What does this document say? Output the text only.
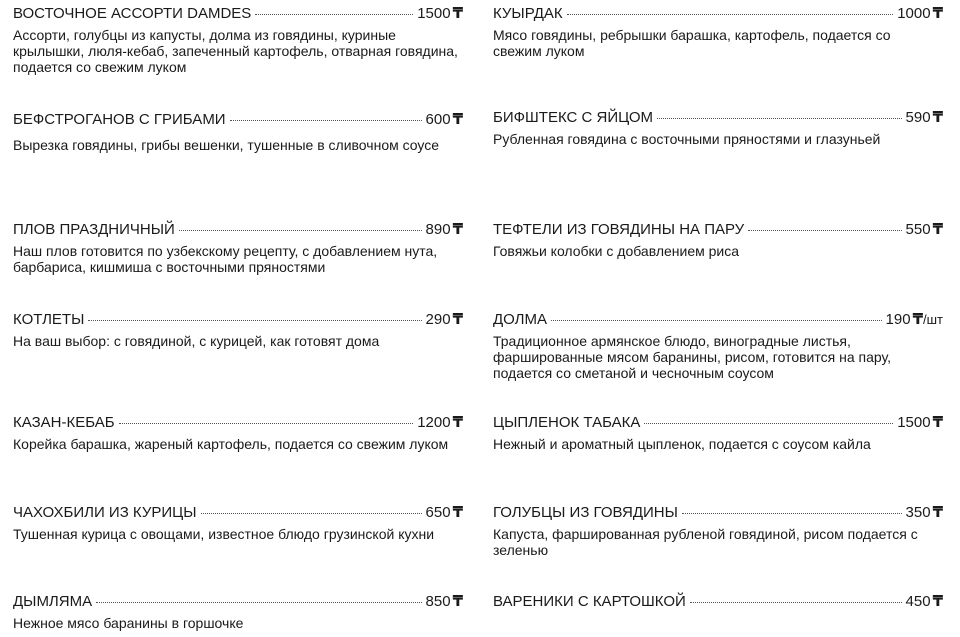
ВОСТОЧНОЕ АССОРТИ DAMDES	1500 ₸
Ассорти, голубцы из капусты, долма из говядины, куриные крылышки, люля-кебаб, запеченный картофель, отварная говядина, подается со свежим луком
БЕФСТРОГАНОВ С ГРИБАМИ	600 ₸
Вырезка говядины, грибы вешенки, тушенные в сливочном соусе
ПЛОВ ПРАЗДНИЧНЫЙ	890 ₸
Наш плов готовится по узбекскому рецепту, с добавлением нута, барбариса, кишмиша с восточными пряностями
КОТЛЕТЫ	290 ₸
На ваш выбор: с говядиной, с курицей, как готовят дома
КАЗАН-КЕБАБ	1200 ₸
Корейка барашка, жареный картофель, подается со свежим луком
ЧАХОХБИЛИ ИЗ КУРИЦЫ	650 ₸
Тушенная курица с овощами, известное блюдо грузинской кухни
ДЫМЛЯМА	850 ₸
Нежное мясо баранины в горшочке
КУЫРДАК	1000 ₸
Мясо говядины, ребрышки барашка, картофель, подается со свежим луком
БИФШТЕКС С ЯЙЦОМ	590 ₸
Рубленная говядина с восточными пряностями и глазуньей
ТЕФТЕЛИ ИЗ ГОВЯДИНЫ НА ПАРУ	550 ₸
Говяжьи колобки с добавлением риса
ДОЛМА	190 ₸/шт
Традиционное армянское блюдо, виноградные листья, фаршированные мясом баранины, рисом, готовится на пару, подается со сметаной и чесночным соусом
ЦЫПЛЕНОК ТАБАКА	1500 ₸
Нежный и ароматный цыпленок, подается с соусом кайла
ГОЛУБЦЫ ИЗ ГОВЯДИНЫ	350 ₸
Капуста, фаршированная рубленой говядиной, рисом подается с зеленью
ВАРЕНИКИ С КАРТОШКОЙ	450 ₸
